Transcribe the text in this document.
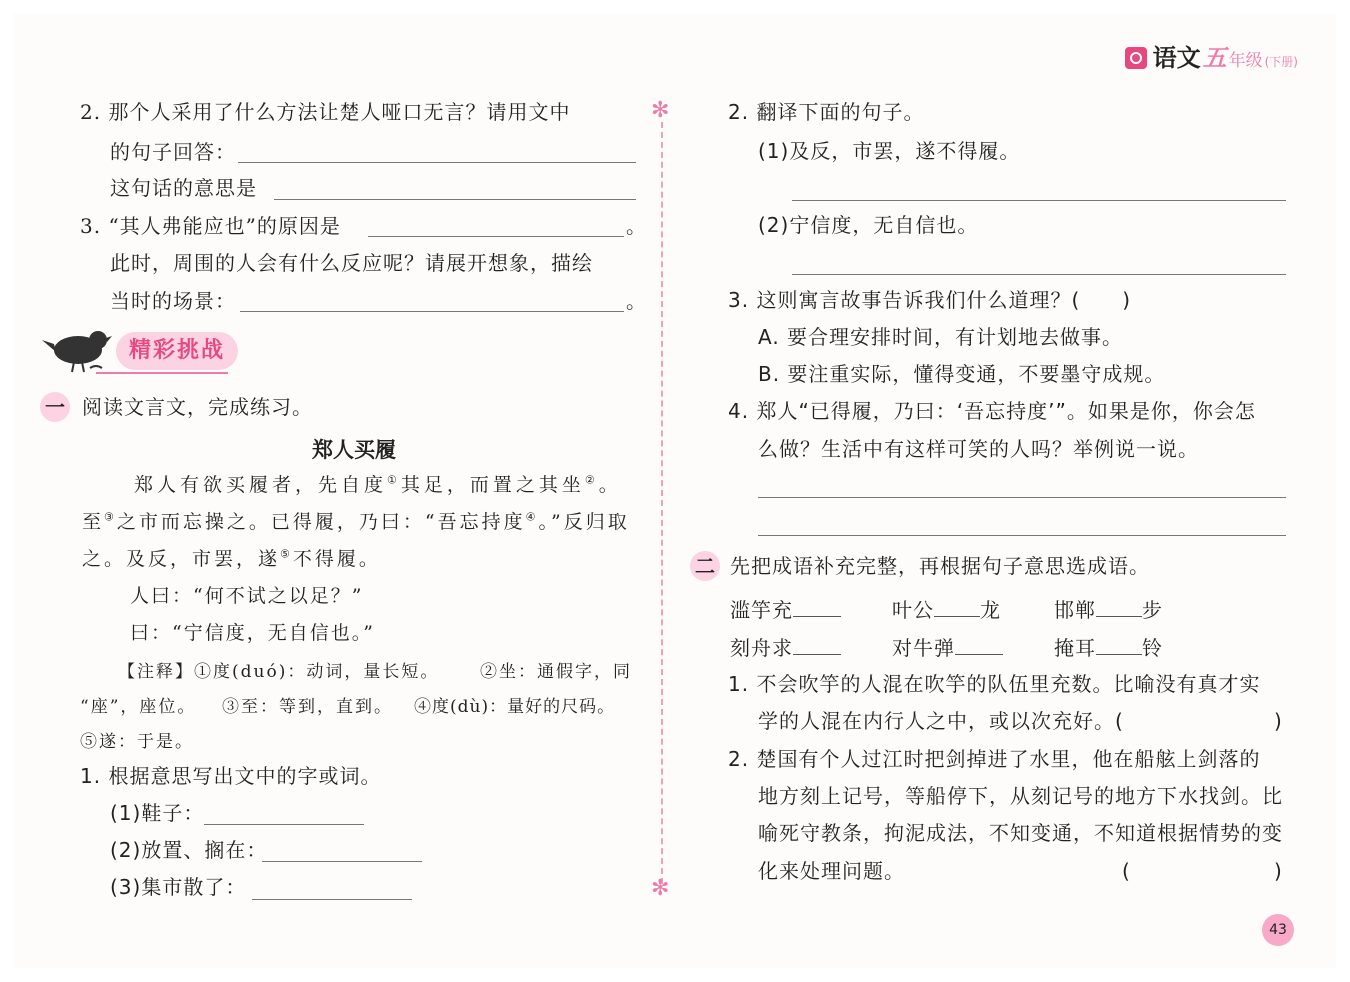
语文 五 年级 (下册)
✻
✻
2. 那个人采用了什么方法让楚人哑口无言？请用文中
的句子回答：
这句话的意思是
3. “其人弗能应也”的原因是	。
此时，周围的人会有什么反应呢？请展开想象，描绘
当时的场景：	。
精彩挑战
一 阅读文言文，完成练习。
郑人买履
郑人有欲买履者，先自度①其足，而置之其坐②。
至③之市而忘操之。已得履，乃曰：“吾忘持度④。”反归取
之。及反，市罢，遂⑤不得履。
人曰：“何不试之以足？”
曰：“宁信度，无自信也。”
【注释】①度(duó)：动词，量长短。 ②坐：通假字，同
“座”，座位。 ③至：等到，直到。 ④度(dù)：量好的尺码。
⑤遂：于是。
1. 根据意思写出文中的字或词。
(1)鞋子：
(2)放置、搁在：
(3)集市散了：
2. 翻译下面的句子。
(1)及反，市罢，遂不得履。
(2)宁信度，无自信也。
3. 这则寓言故事告诉我们什么道理？(　　)
A. 要合理安排时间，有计划地去做事。
B. 要注重实际，懂得变通，不要墨守成规。
4. 郑人“已得履，乃曰：‘吾忘持度’”。如果是你，你会怎
么做？生活中有这样可笑的人吗？举例说一说。
二 先把成语补充完整，再根据句子意思选成语。
滥竽充	叶公 龙	邯郸 步
刻舟求	对牛弹	掩耳 铃
1. 不会吹竽的人混在吹竽的队伍里充数。比喻没有真才实
学的人混在内行人之中，或以次充好。(	)
2. 楚国有个人过江时把剑掉进了水里，他在船舷上剑落的
地方刻上记号，等船停下，从刻记号的地方下水找剑。比
喻死守教条，拘泥成法，不知变通，不知道根据情势的变
化来处理问题。	(	)
43
